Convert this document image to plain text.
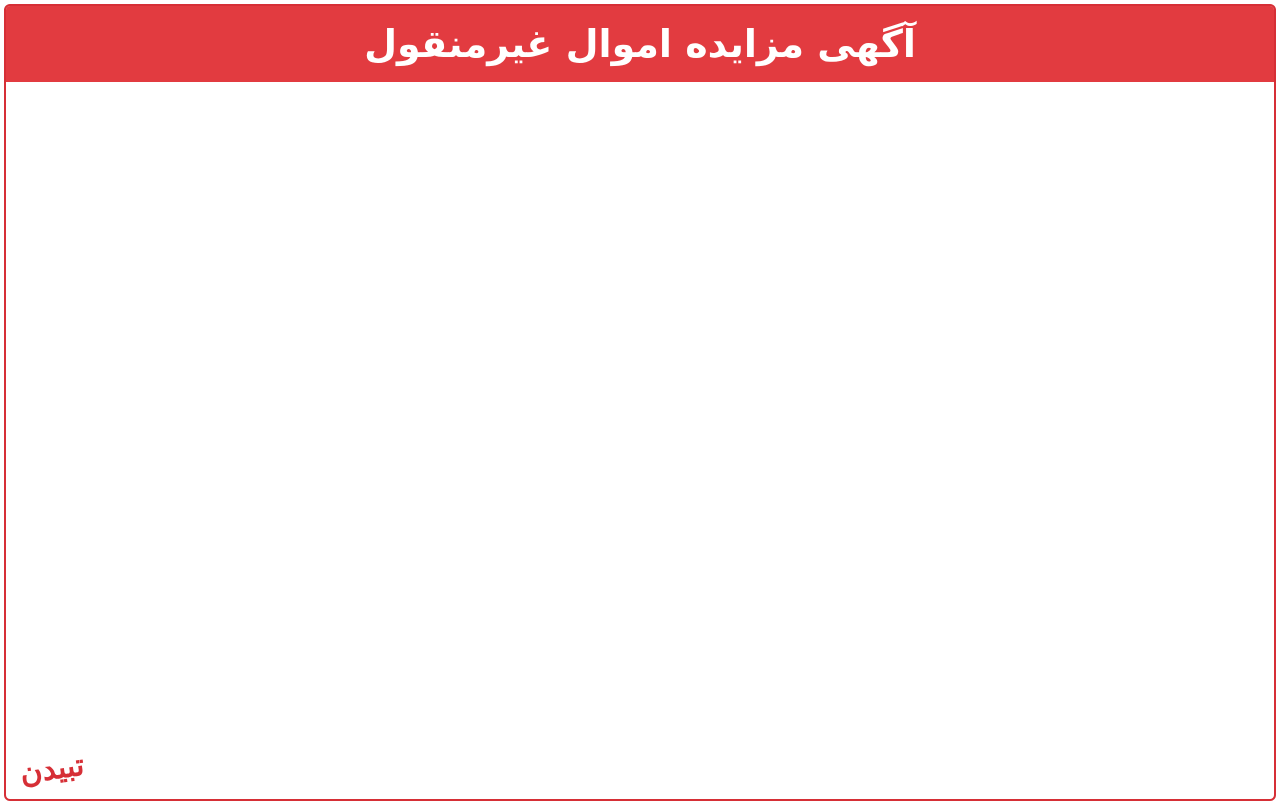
آگهی مزایده اموال غیرمنقول

تبیدن
